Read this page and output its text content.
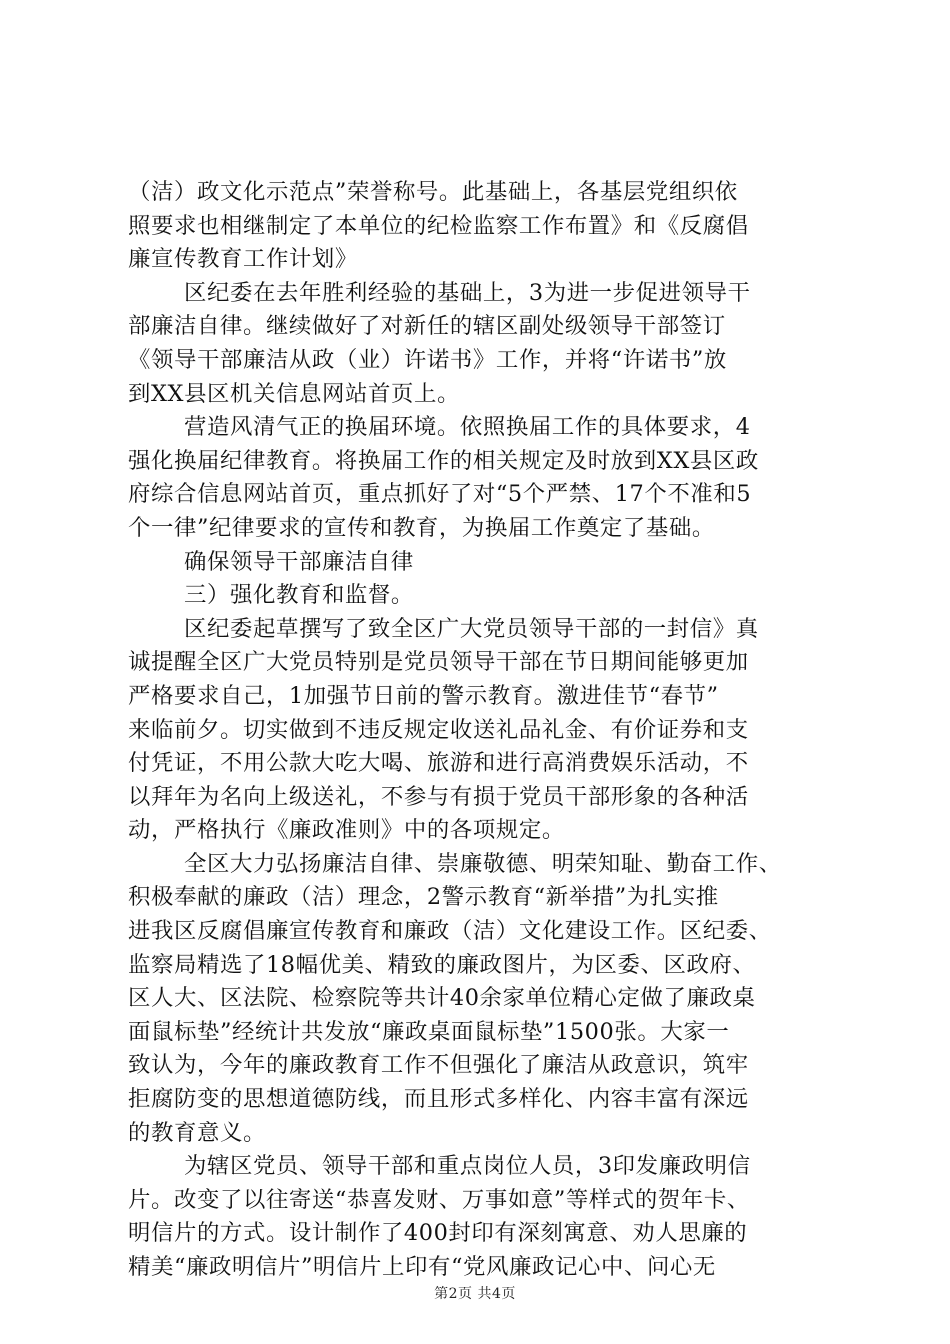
（洁）政文化示范点”荣誉称号。此基础上，各基层党组织依
照要求也相继制定了本单位的纪检监察工作布置》和《反腐倡
廉宣传教育工作计划》
区纪委在去年胜利经验的基础上，3为进一步促进领导干
部廉洁自律。继续做好了对新任的辖区副处级领导干部签订
《领导干部廉洁从政（业）许诺书》工作，并将“许诺书”放
到XX县区机关信息网站首页上。
营造风清气正的换届环境。依照换届工作的具体要求，4
强化换届纪律教育。将换届工作的相关规定及时放到XX县区政
府综合信息网站首页，重点抓好了对“5个严禁、17个不准和5
个一律”纪律要求的宣传和教育，为换届工作奠定了基础。
确保领导干部廉洁自律
三）强化教育和监督。
区纪委起草撰写了致全区广大党员领导干部的一封信》真
诚提醒全区广大党员特别是党员领导干部在节日期间能够更加
严格要求自己，1加强节日前的警示教育。激进佳节“春节”
来临前夕。切实做到不违反规定收送礼品礼金、有价证券和支
付凭证，不用公款大吃大喝、旅游和进行高消费娱乐活动，不
以拜年为名向上级送礼，不参与有损于党员干部形象的各种活
动，严格执行《廉政准则》中的各项规定。
全区大力弘扬廉洁自律、崇廉敬德、明荣知耻、勤奋工作、
积极奉献的廉政（洁）理念，2警示教育“新举措”为扎实推
进我区反腐倡廉宣传教育和廉政（洁）文化建设工作。区纪委、
监察局精选了18幅优美、精致的廉政图片，为区委、区政府、
区人大、区法院、检察院等共计40余家单位精心定做了廉政桌
面鼠标垫”经统计共发放“廉政桌面鼠标垫”1500张。大家一
致认为，今年的廉政教育工作不但强化了廉洁从政意识，筑牢
拒腐防变的思想道德防线，而且形式多样化、内容丰富有深远
的教育意义。
为辖区党员、领导干部和重点岗位人员，3印发廉政明信
片。改变了以往寄送“恭喜发财、万事如意”等样式的贺年卡、
明信片的方式。设计制作了400封印有深刻寓意、劝人思廉的
精美“廉政明信片”明信片上印有“党风廉政记心中、问心无
第2页 共4页
